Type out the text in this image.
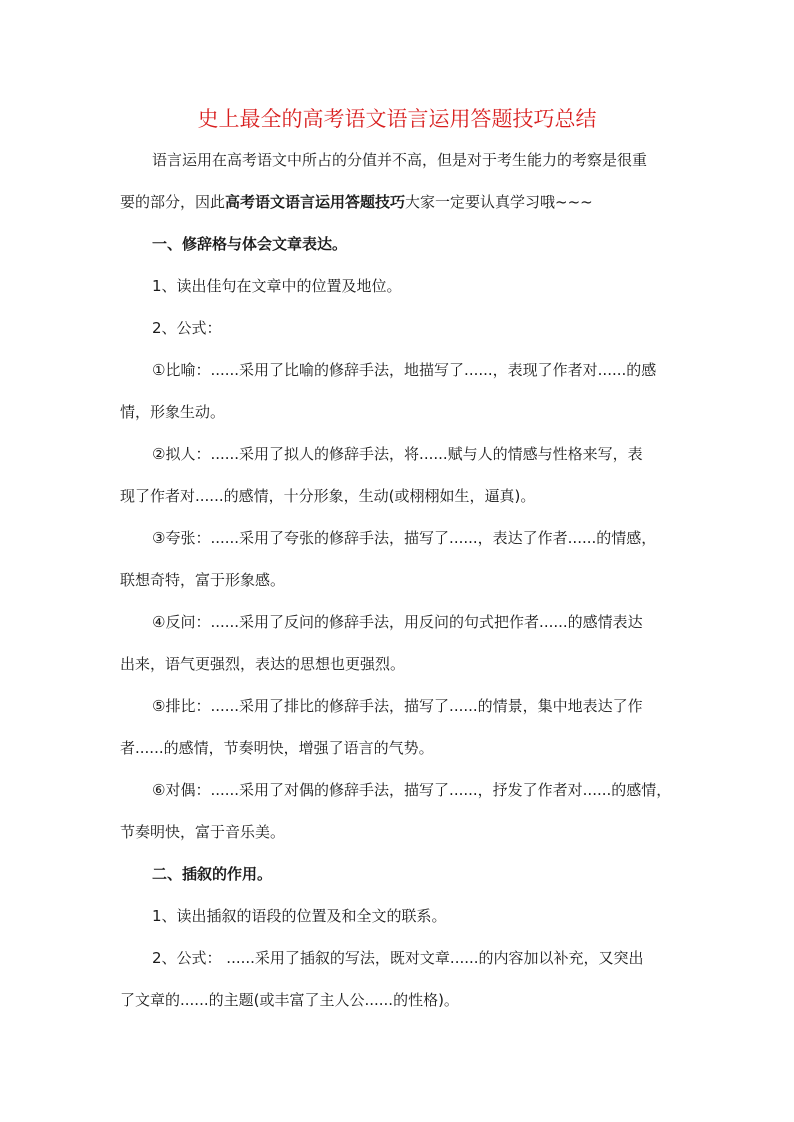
史上最全的高考语文语言运用答题技巧总结

语言运用在高考语文中所占的分值并不高，但是对于考生能力的考察是很重

要的部分，因此高考语文语言运用答题技巧大家一定要认真学习哦~~~

一、修辞格与体会文章表达。

1、读出佳句在文章中的位置及地位。

2、公式：

①比喻：......采用了比喻的修辞手法，地描写了......，表现了作者对......的感

情，形象生动。

②拟人：......采用了拟人的修辞手法，将......赋与人的情感与性格来写，表

现了作者对......的感情，十分形象，生动(或栩栩如生，逼真)。

③夸张：......采用了夸张的修辞手法，描写了......，表达了作者......的情感，

联想奇特，富于形象感。

④反问：......采用了反问的修辞手法，用反问的句式把作者......的感情表达

出来，语气更强烈，表达的思想也更强烈。

⑤排比：......采用了排比的修辞手法，描写了......的情景，集中地表达了作

者......的感情，节奏明快，增强了语言的气势。

⑥对偶：......采用了对偶的修辞手法，描写了......，抒发了作者对......的感情，

节奏明快，富于音乐美。

二、插叙的作用。

1、读出插叙的语段的位置及和全文的联系。

2、公式： ......采用了插叙的写法，既对文章......的内容加以补充，又突出

了文章的......的主题(或丰富了主人公......的性格)。
